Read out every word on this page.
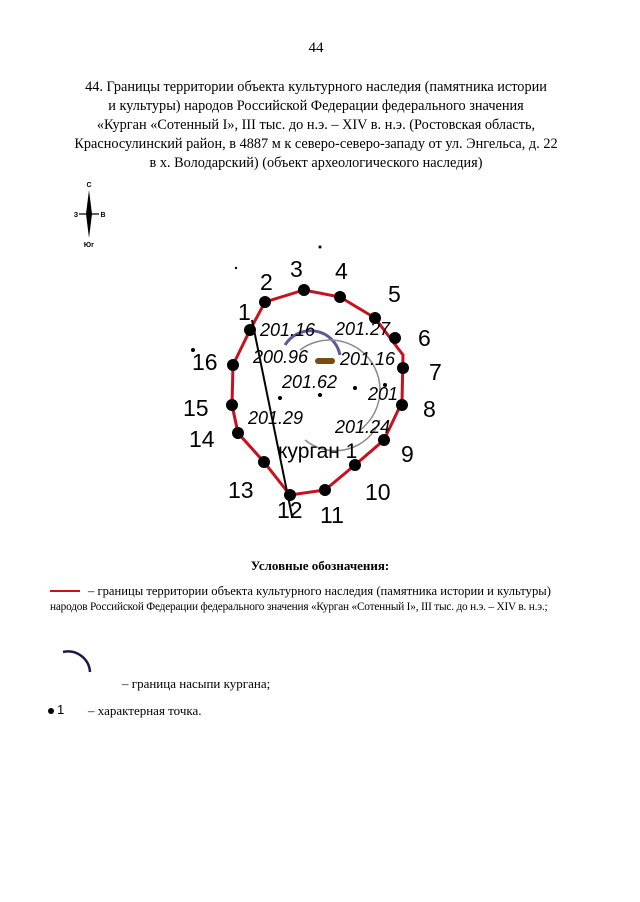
44
44. Границы территории объекта культурного наследия (памятника истории
и культуры) народов Российской Федерации федерального значения
«Курган «Сотенный I», III тыс. до н.э. – XIV в. н.э. (Ростовская область,
Красносулинский район, в 4887 м к северо-северо-западу от ул. Энгельса, д. 22
в х. Володарский) (объект археологического наследия)
С
З	В
Юг
1
2 3 4
5
6
7
8
9
10
11
12
13
14
15
16
201.16 201.27
200.96 201.16
201.62
201
201.29 201.24
курган 1
Условные обозначения:
– границы территории объекта культурного наследия (памятника истории и культуры)
народов Российской Федерации федерального значения «Курган «Сотенный I», III тыс. до н.э. – XIV в. н.э.;
– граница насыпи кургана;
1 – характерная точка.
